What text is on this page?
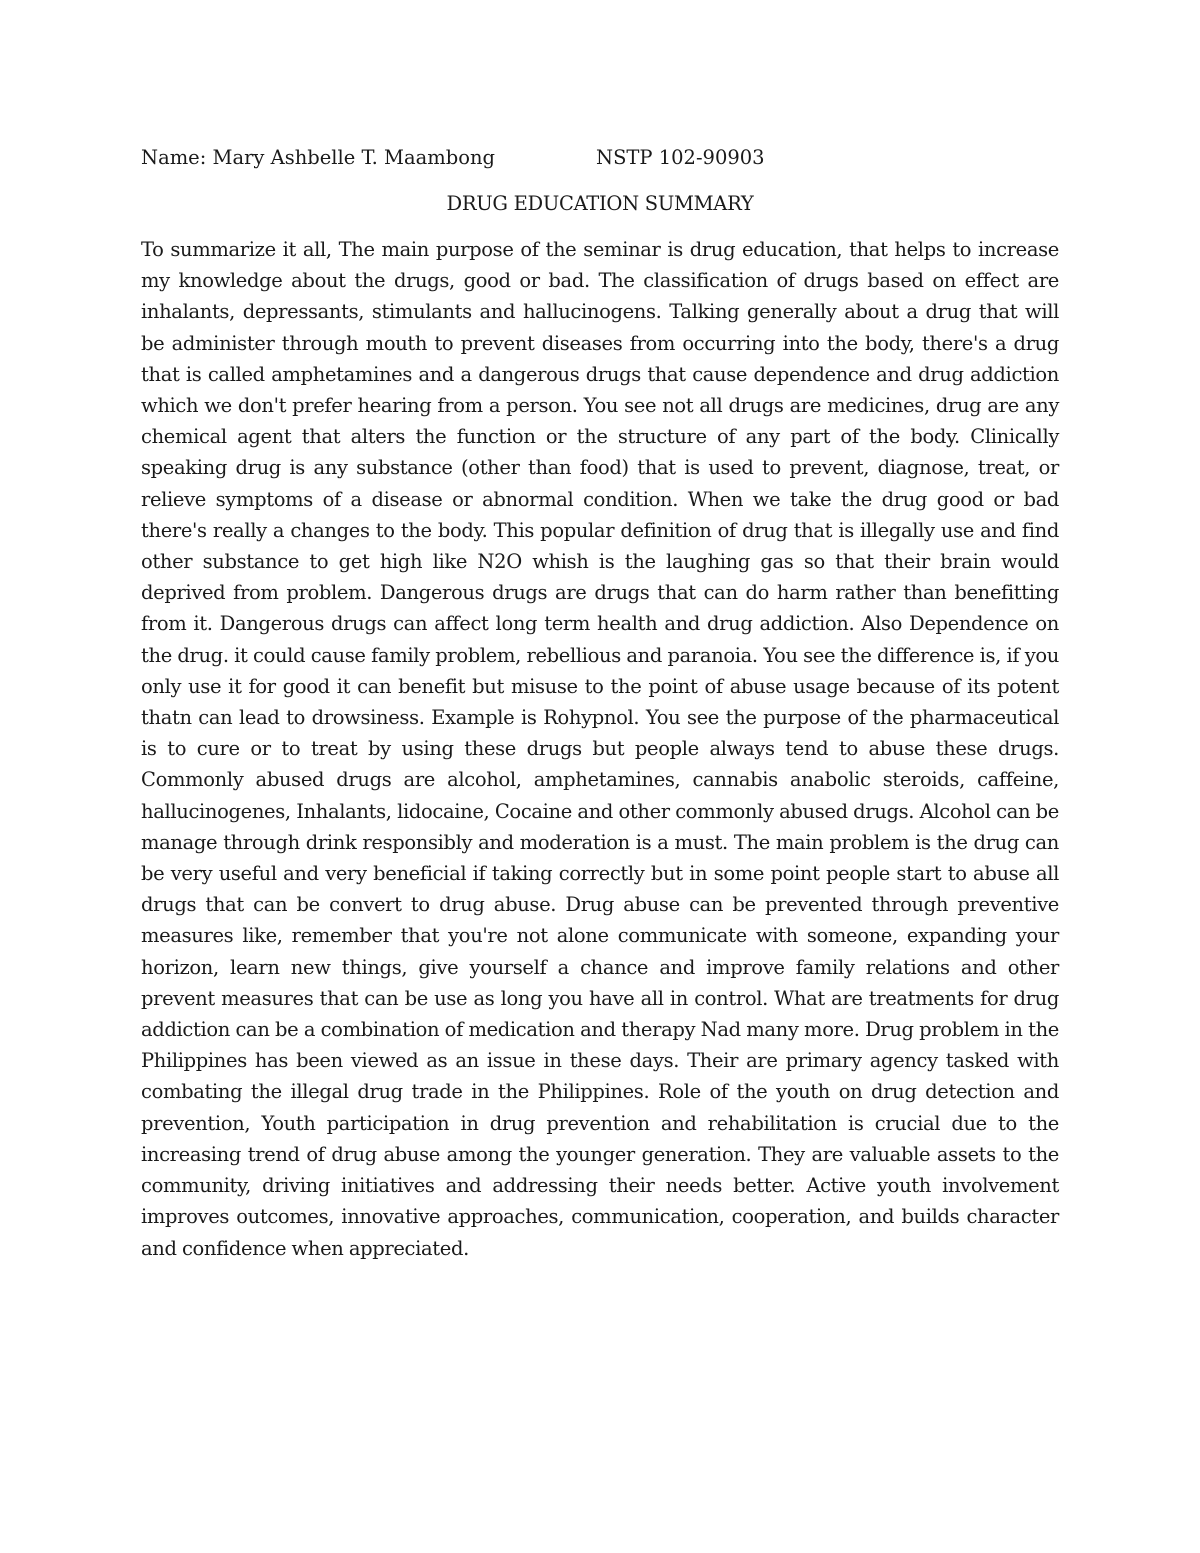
Name: Mary Ashbelle T. Maambong	NSTP 102-90903
DRUG EDUCATION SUMMARY

To summarize it all, The main purpose of the seminar is drug education, that helps to increase my knowledge about the drugs, good or bad. The classification of drugs based on effect are inhalants, depressants, stimulants and hallucinogens. Talking generally about a drug that will be administer through mouth to prevent diseases from occurring into the body, there's a drug that is called amphetamines and a dangerous drugs that cause dependence and drug addiction which we don't prefer hearing from a person. You see not all drugs are medicines, drug are any chemical agent that alters the function or the structure of any part of the body. Clinically speaking drug is any substance (other than food) that is used to prevent, diagnose, treat, or relieve symptoms of a disease or abnormal condition. When we take the drug good or bad there's really a changes to the body. This popular definition of drug that is illegally use and find other substance to get high like N2O whish is the laughing gas so that their brain would deprived from problem. Dangerous drugs are drugs that can do harm rather than benefitting from it. Dangerous drugs can affect long term health and drug addiction. Also Dependence on the drug. it could cause family problem, rebellious and paranoia. You see the difference is, if you only use it for good it can benefit but misuse to the point of abuse usage because of its potent thatn can lead to drowsiness. Example is Rohypnol. You see the purpose of the pharmaceutical is to cure or to treat by using these drugs but people always tend to abuse these drugs. Commonly abused drugs are alcohol, amphetamines, cannabis anabolic steroids, caffeine, hallucinogenes, Inhalants, lidocaine, Cocaine and other commonly abused drugs. Alcohol can be manage through drink responsibly and moderation is a must. The main problem is the drug can be very useful and very beneficial if taking correctly but in some point people start to abuse all drugs that can be convert to drug abuse. Drug abuse can be prevented through preventive measures like, remember that you're not alone communicate with someone, expanding your horizon, learn new things, give yourself a chance and improve family relations and other prevent measures that can be use as long you have all in control. What are treatments for drug addiction can be a combination of medication and therapy Nad many more. Drug problem in the Philippines has been viewed as an issue in these days. Their are primary agency tasked with combating the illegal drug trade in the Philippines. Role of the youth on drug detection and prevention, Youth participation in drug prevention and rehabilitation is crucial due to the increasing trend of drug abuse among the younger generation. They are valuable assets to the community, driving initiatives and addressing their needs better. Active youth involvement improves outcomes, innovative approaches, communication, cooperation, and builds character and confidence when appreciated.
